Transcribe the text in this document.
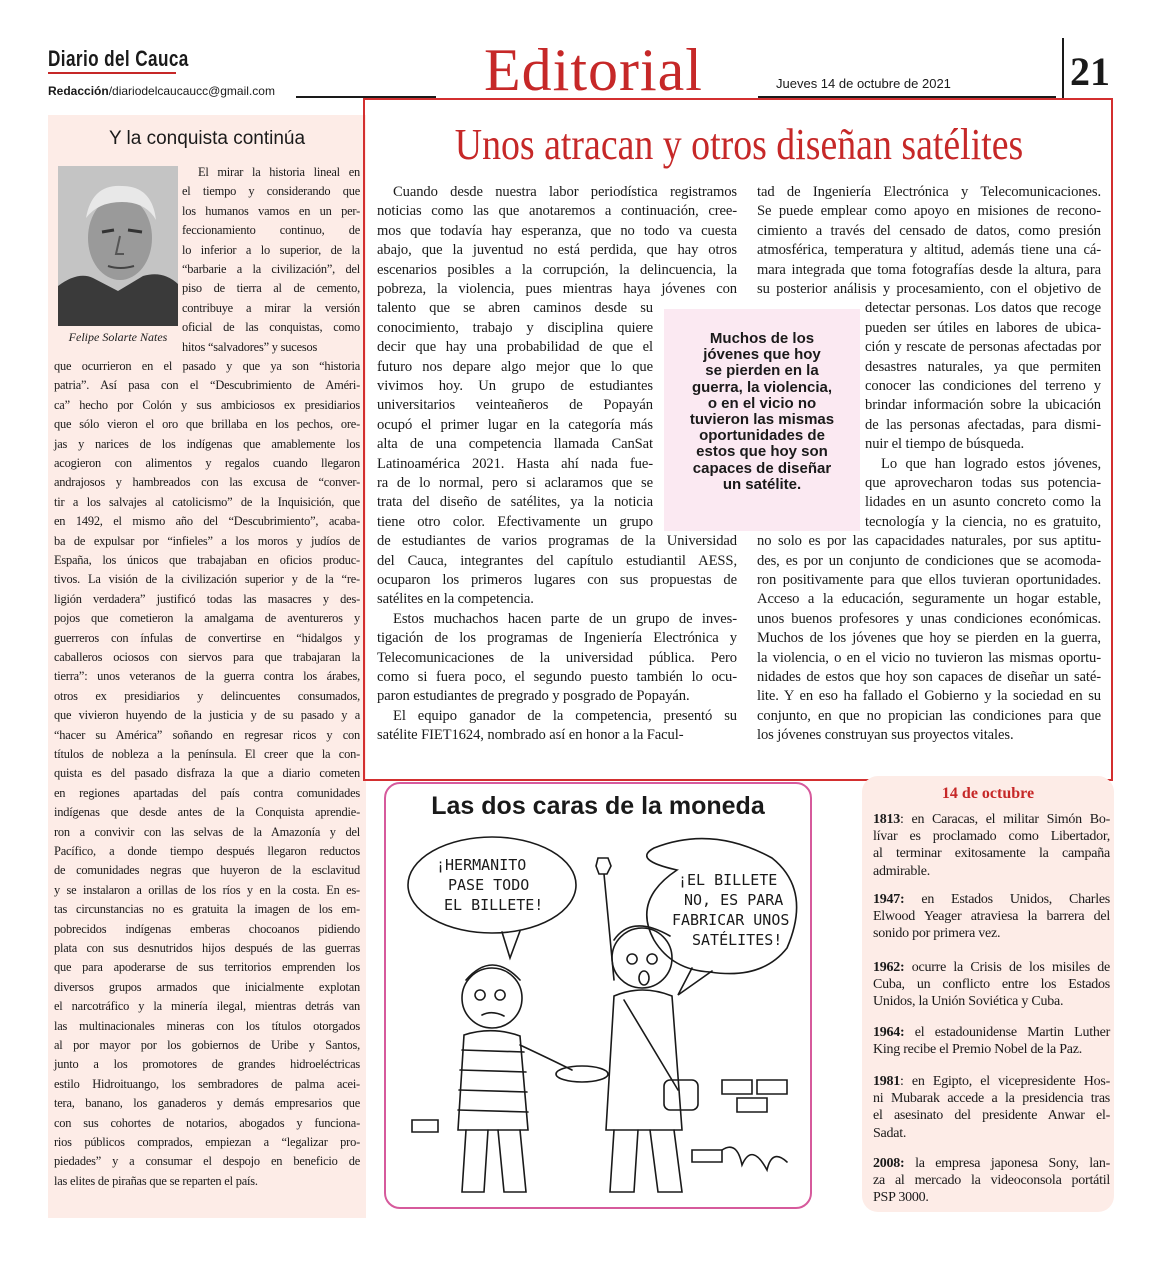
Diario del Cauca
Redacción/diariodelcaucaucc@gmail.com	Editorial	Jueves 14 de octubre de 2021	21
Y la conquista continúa
Felipe Solarte Nates
El mirar la historia lineal en
el tiempo y considerando que
los humanos vamos en un per-
feccionamiento continuo, de
lo inferior a lo superior, de la
“barbarie a la civilización”, del
piso de tierra al de cemento,
contribuye a mirar la versión
oficial de las conquistas, como
hitos “salvadores” y sucesos
que ocurrieron en el pasado y que ya son “historia
patria”. Así pasa con el “Descubrimiento de Améri-
ca” hecho por Colón y sus ambiciosos ex presidiarios
que sólo vieron el oro que brillaba en los pechos, ore-
jas y narices de los indígenas que amablemente los
acogieron con alimentos y regalos cuando llegaron
andrajosos y hambreados con las excusa de “conver-
tir a los salvajes al catolicismo” de la Inquisición, que
en 1492, el mismo año del “Descubrimiento”, acaba-
ba de expulsar por “infieles” a los moros y judíos de
España, los únicos que trabajaban en oficios produc-
tivos. La visión de la civilización superior y de la “re-
ligión verdadera” justificó todas las masacres y des-
pojos que cometieron la amalgama de aventureros y
guerreros con ínfulas de convertirse en “hidalgos y
caballeros ociosos con siervos para que trabajaran la
tierra”: unos veteranos de la guerra contra los árabes,
otros ex presidiarios y delincuentes consumados,
que vivieron huyendo de la justicia y de su pasado y a
“hacer su América” soñando en regresar ricos y con
títulos de nobleza a la península. El creer que la con-
quista es del pasado disfraza la que a diario cometen
en regiones apartadas del país contra comunidades
indígenas que desde antes de la Conquista aprendie-
ron a convivir con las selvas de la Amazonía y del
Pacífico, a donde tiempo después llegaron reductos
de comunidades negras que huyeron de la esclavitud
y se instalaron a orillas de los ríos y en la costa. En es-
tas circunstancias no es gratuita la imagen de los em-
pobrecidos indígenas emberas chocoanos pidiendo
plata con sus desnutridos hijos después de las guerras
que para apoderarse de sus territorios emprenden los
diversos grupos armados que inicialmente explotan
el narcotráfico y la minería ilegal, mientras detrás van
las multinacionales mineras con los títulos otorgados
al por mayor por los gobiernos de Uribe y Santos,
junto a los promotores de grandes hidroeléctricas
estilo Hidroituango, los sembradores de palma acei-
tera, banano, los ganaderos y demás empresarios que
con sus cohortes de notarios, abogados y funciona-
rios públicos comprados, empiezan a “legalizar pro-
piedades” y a consumar el despojo en beneficio de
las elites de pirañas que se reparten el país.
Unos atracan y otros diseñan satélites
Muchos de los
jóvenes que hoy
se pierden en la
guerra, la violencia,
o en el vicio no
tuvieron las mismas
oportunidades de
estos que hoy son
capaces de diseñar
un satélite.
Cuando desde nuestra labor periodística registramos
noticias como las que anotaremos a continuación, cree-
mos que todavía hay esperanza, que no todo va cuesta
abajo, que la juventud no está perdida, que hay otros
escenarios posibles a la corrupción, la delincuencia, la
pobreza, la violencia, pues mientras haya jóvenes con
talento que se abren caminos desde su
conocimiento, trabajo y disciplina quiere
decir que hay una probabilidad de que el
futuro nos depare algo mejor que lo que
vivimos hoy. Un grupo de estudiantes
universitarios veinteañeros de Popayán
ocupó el primer lugar en la categoría más
alta de una competencia llamada CanSat
Latinoamérica 2021. Hasta ahí nada fue-
ra de lo normal, pero si aclaramos que se
trata del diseño de satélites, ya la noticia
tiene otro color. Efectivamente un grupo
de estudiantes de varios programas de la Universidad
del Cauca, integrantes del capítulo estudiantil AESS,
ocuparon los primeros lugares con sus propuestas de
satélites en la competencia.
Estos muchachos hacen parte de un grupo de inves-
tigación de los programas de Ingeniería Electrónica y
Telecomunicaciones de la universidad pública. Pero
como si fuera poco, el segundo puesto también lo ocu-
paron estudiantes de pregrado y posgrado de Popayán.
El equipo ganador de la competencia, presentó su
satélite FIET1624, nombrado así en honor a la Facul-
tad de Ingeniería Electrónica y Telecomunicaciones.
Se puede emplear como apoyo en misiones de recono-
cimiento a través del censado de datos, como presión
atmosférica, temperatura y altitud, además tiene una cá-
mara integrada que toma fotografías desde la altura, para
su posterior análisis y procesamiento, con el objetivo de
detectar personas. Los datos que recoge
pueden ser útiles en labores de ubica-
ción y rescate de personas afectadas por
desastres naturales, ya que permiten
conocer las condiciones del terreno y
brindar información sobre la ubicación
de las personas afectadas, para dismi-
nuir el tiempo de búsqueda.
Lo que han logrado estos jóvenes,
que aprovecharon todas sus potencia-
lidades en un asunto concreto como la
tecnología y la ciencia, no es gratuito,
no solo es por las capacidades naturales, por sus aptitu-
des, es por un conjunto de condiciones que se acomoda-
ron positivamente para que ellos tuvieran oportunidades.
Acceso a la educación, seguramente un hogar estable,
unos buenos profesores y unas condiciones económicas.
Muchos de los jóvenes que hoy se pierden en la guerra,
la violencia, o en el vicio no tuvieron las mismas oportu-
nidades de estos que hoy son capaces de diseñar un saté-
lite. Y en eso ha fallado el Gobierno y la sociedad en su
conjunto, en que no propician las condiciones para que
los jóvenes construyan sus proyectos vitales.
Las dos caras de la moneda
¡HERMANITO
PASE TODO
EL BILLETE!
¡EL BILLETE
NO, ES PARA
FABRICAR UNOS
SATÉLITES!
14 de octubre
1813: en Caracas, el militar Simón Bo-
lívar es proclamado como Libertador,
al terminar exitosamente la campaña
admirable.
1947: en Estados Unidos, Charles
Elwood Yeager atraviesa la barrera del
sonido por primera vez.
1962: ocurre la Crisis de los misiles de
Cuba, un conflicto entre los Estados
Unidos, la Unión Soviética y Cuba.
1964: el estadounidense Martin Luther
King recibe el Premio Nobel de la Paz.
1981: en Egipto, el vicepresidente Hos-
ni Mubarak accede a la presidencia tras
el asesinato del presidente Anwar el-
Sadat.
2008: la empresa japonesa Sony, lan-
za al mercado la videoconsola portátil
PSP 3000.
